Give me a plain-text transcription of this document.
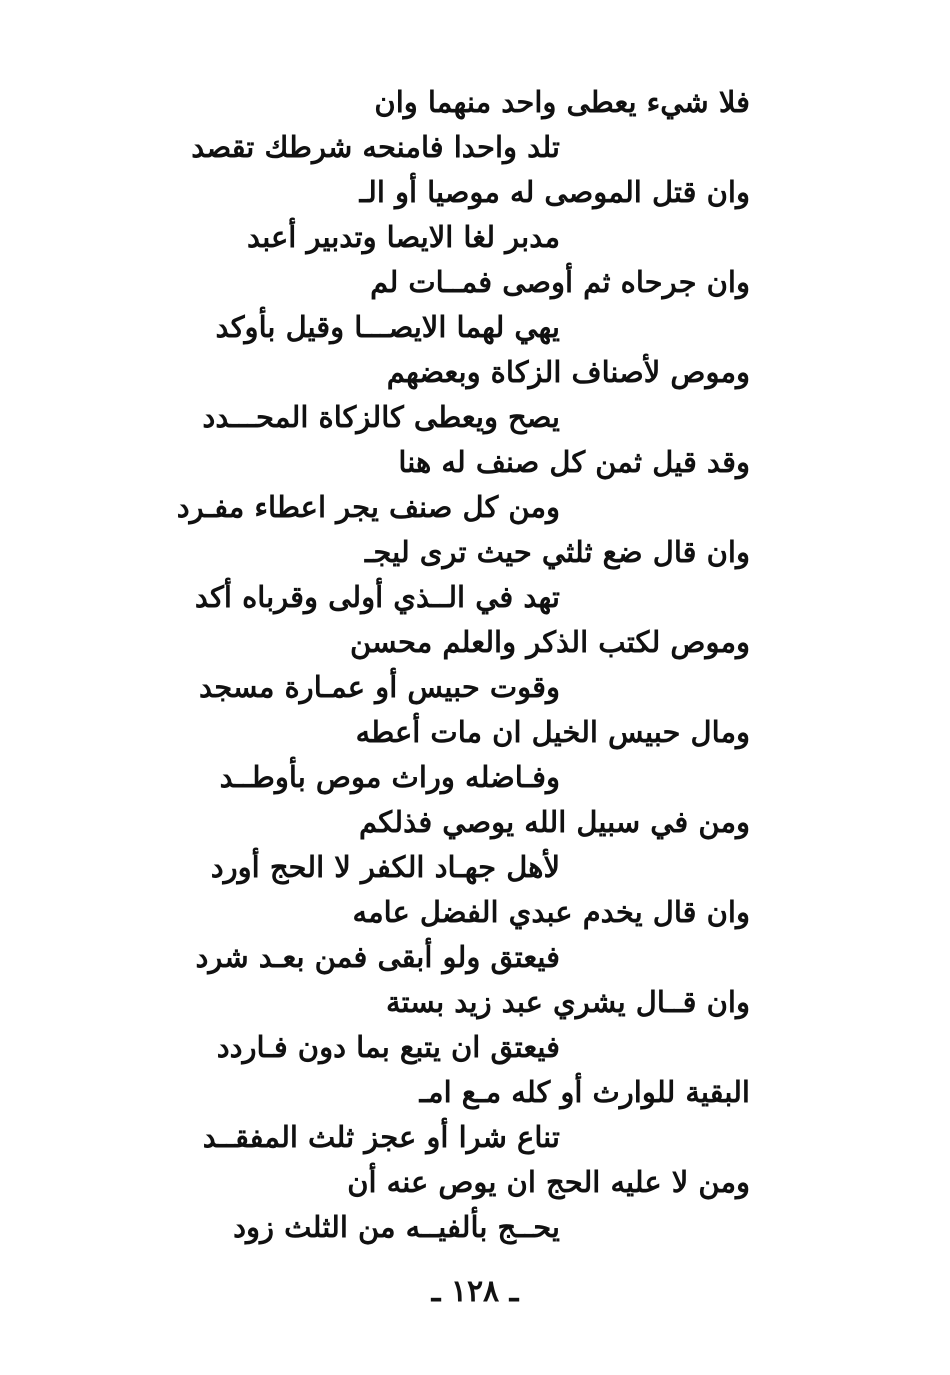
فلا شيء يعطى واحد منهما وان
تلد واحدا فامنحه شرطك تقصد
وان قتل الموصى له موصيا أو الـ
مدبر لغا الايصا وتدبير أعبد
وان جرحاه ثم أوصى فمــات لم
يهي لهما الايصـــا وقيل بأوكد
وموص لأصناف الزكاة وبعضهم
يصح ويعطى كالزكاة المحـــدد
وقد قيل ثمن كل صنف له هنا
ومن كل صنف يجر اعطاء مفـرد
وان قال ضع ثلثي حيث ترى ليجـ
تهد في الــذي أولى وقرباه أكد
وموص لكتب الذكر والعلم محسن
وقوت حبيس أو عمـارة مسجد
ومال حبيس الخيل ان مات أعطه
وفـاضله وراث موص بأوطــد
ومن في سبيل الله يوصي فذلكم
لأهل جهـاد الكفر لا الحج أورد
وان قال يخدم عبدي الفضل عامه
فيعتق ولو أبقى فمن بعـد شرد
وان قــال يشري عبد زيد بستة
فيعتق ان يتبع بما دون فـاردد
البقية للوارث أو كله مـع امـ
تناع شرا أو عجز ثلث المفقــد
ومن لا عليه الحج ان يوص عنه أن
يحــج بألفيــه من الثلث زود
ـ ١٢٨ ـ
